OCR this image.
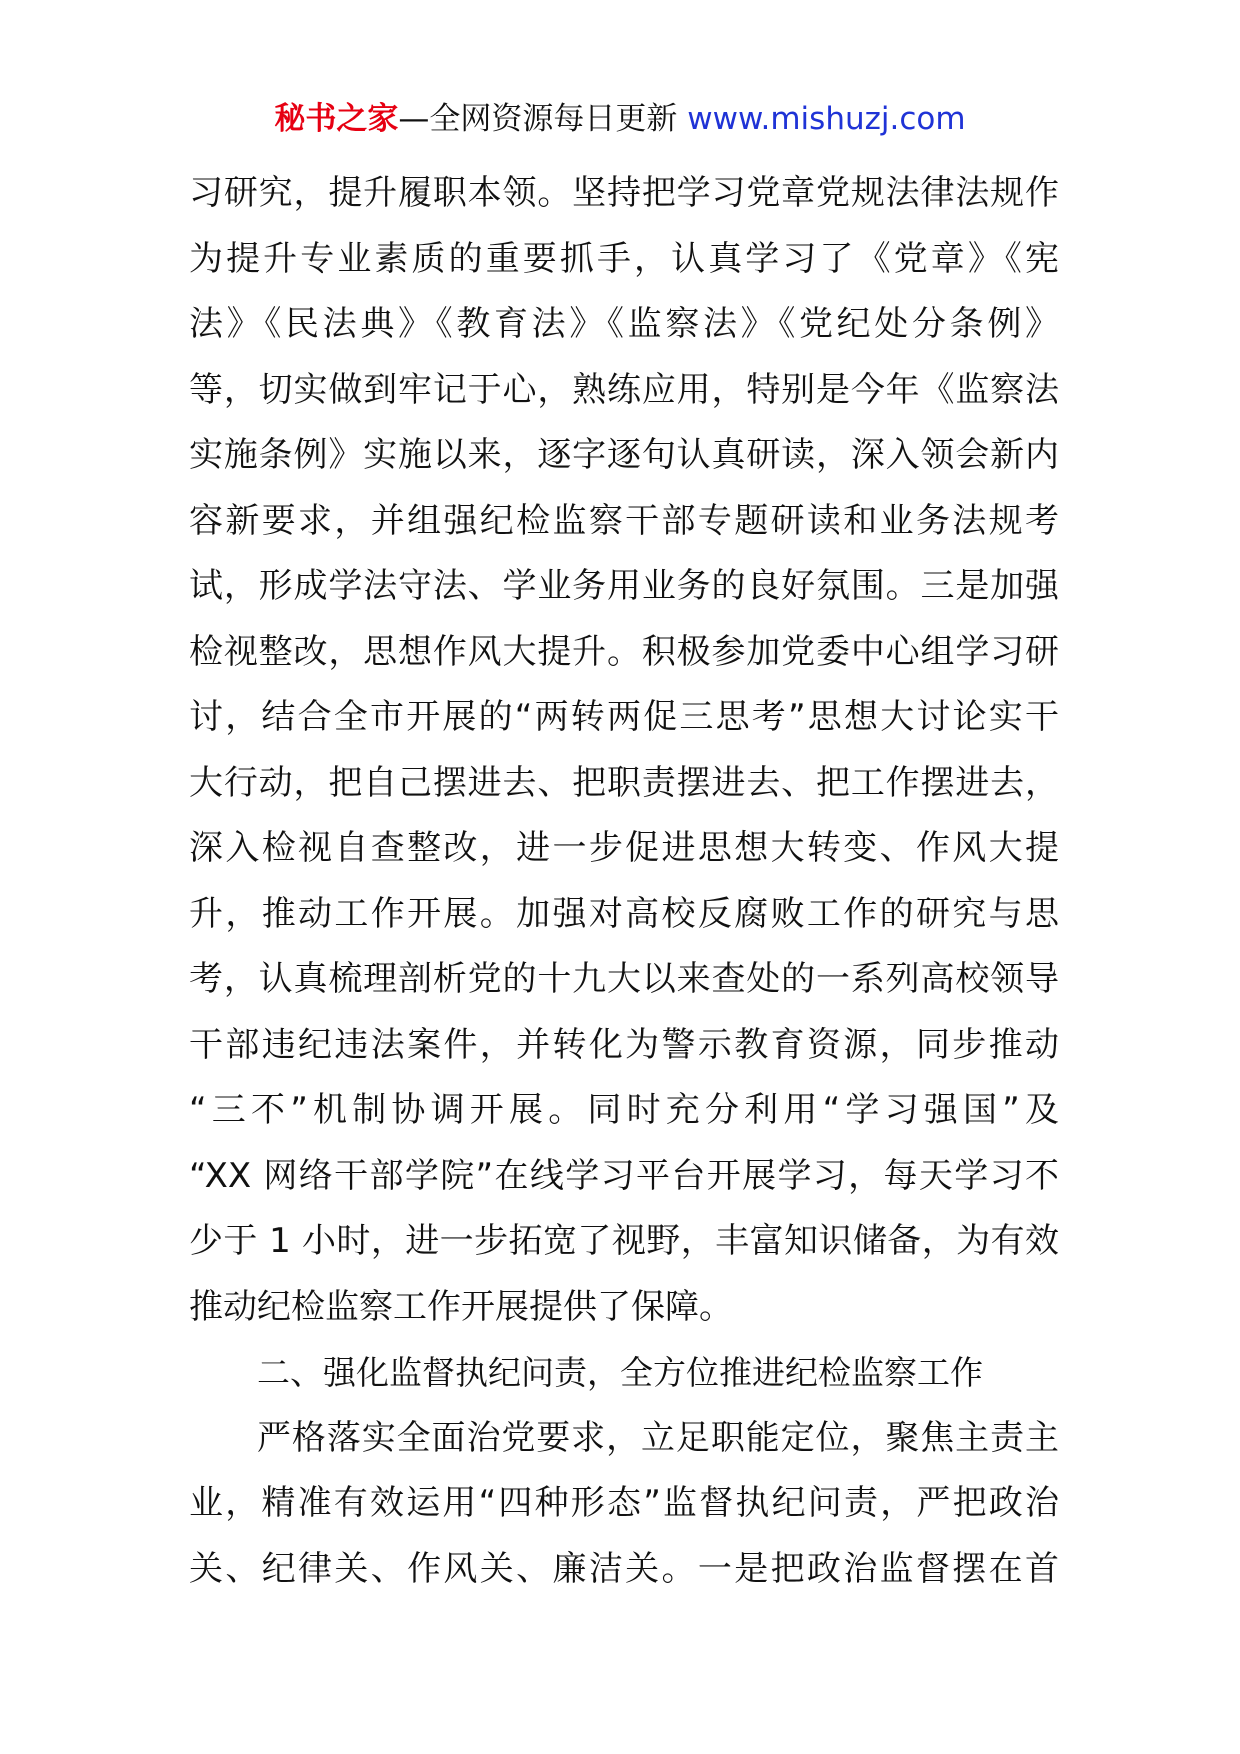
秘书之家—全网资源每日更新 www.mishuzj.com
习研究，提升履职本领。坚持把学习党章党规法律法规作
为提升专业素质的重要抓手，认真学习了《党章》《宪
法》《民法典》《教育法》《监察法》《党纪处分条例》
等，切实做到牢记于心，熟练应用，特别是今年《监察法
实施条例》实施以来，逐字逐句认真研读，深入领会新内
容新要求，并组强纪检监察干部专题研读和业务法规考
试，形成学法守法、学业务用业务的良好氛围。三是加强
检视整改，思想作风大提升。积极参加党委中心组学习研
讨，结合全市开展的“两转两促三思考”思想大讨论实干
大行动，把自己摆进去、把职责摆进去、把工作摆进去，
深入检视自查整改，进一步促进思想大转变、作风大提
升，推动工作开展。加强对高校反腐败工作的研究与思
考，认真梳理剖析党的十九大以来查处的一系列高校领导
干部违纪违法案件，并转化为警示教育资源，同步推动
“三不”机制协调开展。同时充分利用“学习强国”及
“XX 网络干部学院”在线学习平台开展学习，每天学习不
少于 1 小时，进一步拓宽了视野，丰富知识储备，为有效
推动纪检监察工作开展提供了保障。
二、强化监督执纪问责，全方位推进纪检监察工作
严格落实全面治党要求，立足职能定位，聚焦主责主
业，精准有效运用“四种形态”监督执纪问责，严把政治
关、纪律关、作风关、廉洁关。一是把政治监督摆在首
